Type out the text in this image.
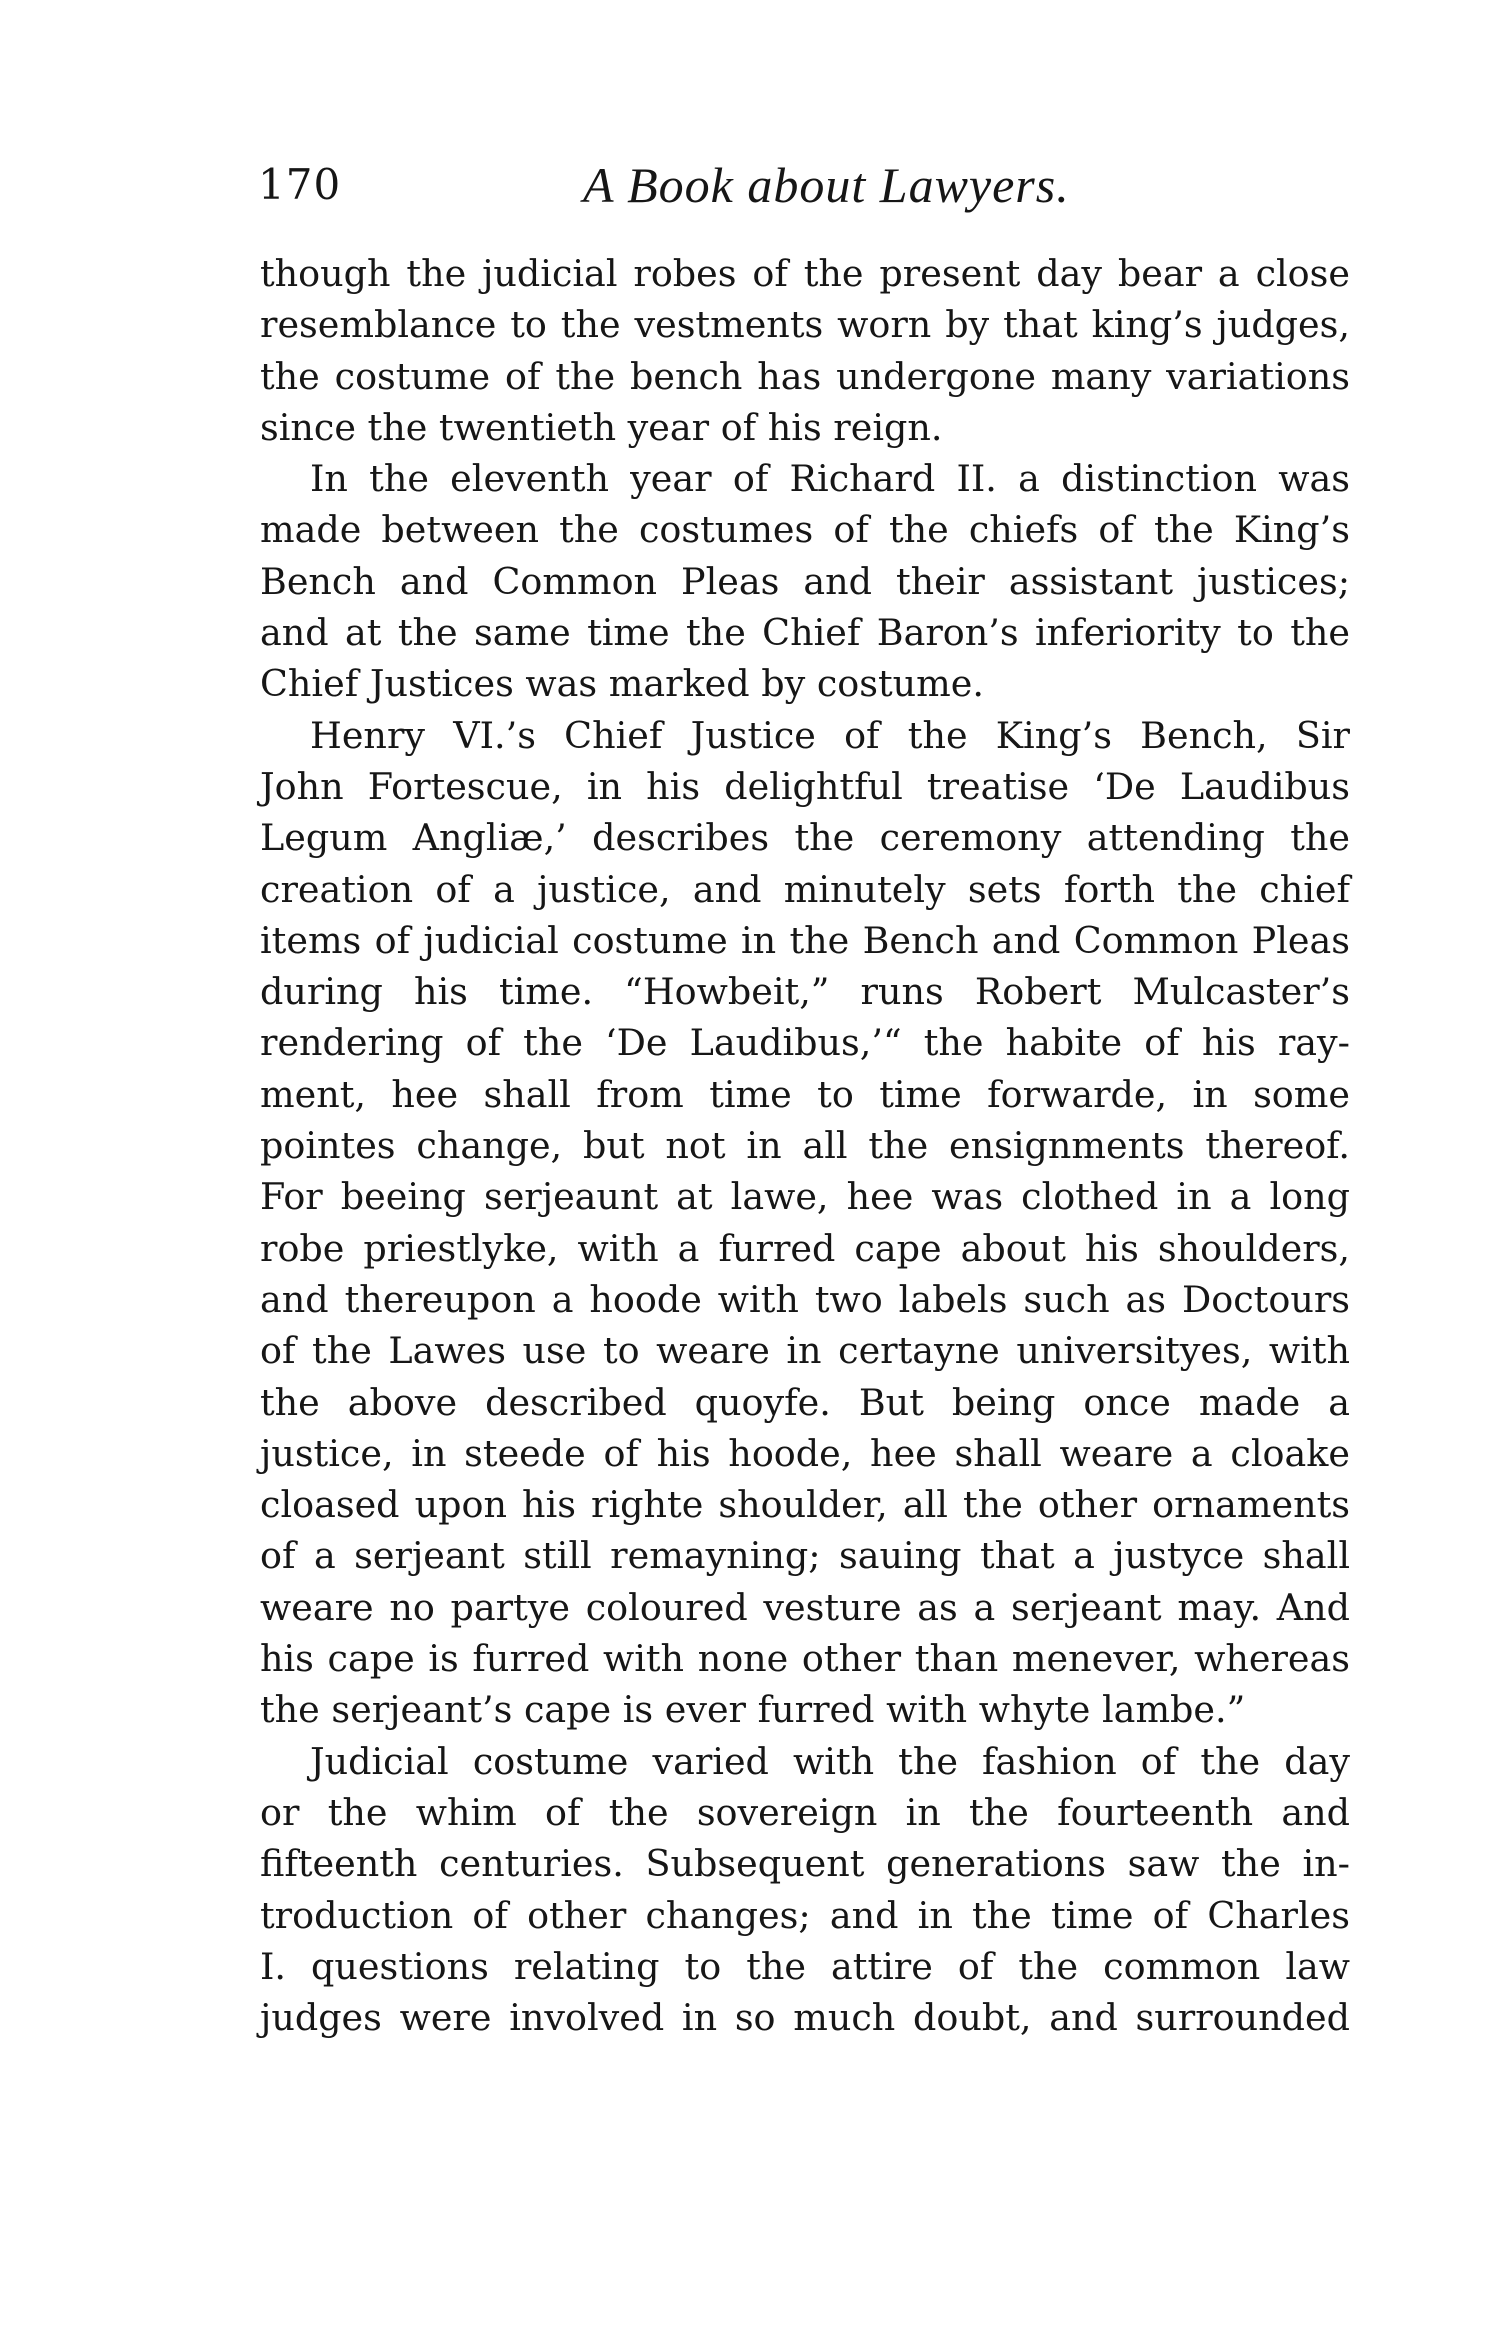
170	A Book about Lawyers.
though the judicial robes of the present day bear a close
resemblance to the vestments worn by that king’s judges,
the costume of the bench has undergone many variations
since the twentieth year of his reign.
In the eleventh year of Richard II. a distinction was
made between the costumes of the chiefs of the King’s
Bench and Common Pleas and their assistant justices;
and at the same time the Chief Baron’s inferiority to the
Chief Justices was marked by costume.
Henry VI.’s Chief Justice of the King’s Bench, Sir
John Fortescue, in his delightful treatise ‘De Laudibus
Legum Angliæ,’ describes the ceremony attending the
creation of a justice, and minutely sets forth the chief
items of judicial costume in the Bench and Common Pleas
during his time. “Howbeit,” runs Robert Mulcaster’s
rendering of the ‘De Laudibus,’“ the habite of his ray-
ment, hee shall from time to time forwarde, in some
pointes change, but not in all the ensignments thereof.
For beeing serjeaunt at lawe, hee was clothed in a long
robe priestlyke, with a furred cape about his shoulders,
and thereupon a hoode with two labels such as Doctours
of the Lawes use to weare in certayne universityes, with
the above described quoyfe. But being once made a
justice, in steede of his hoode, hee shall weare a cloake
cloased upon his righte shoulder, all the other ornaments
of a serjeant still remayning; sauing that a justyce shall
weare no partye coloured vesture as a serjeant may. And
his cape is furred with none other than menever, whereas
the serjeant’s cape is ever furred with whyte lambe.”
Judicial costume varied with the fashion of the day
or the whim of the sovereign in the fourteenth and
fifteenth centuries. Subsequent generations saw the in-
troduction of other changes; and in the time of Charles
I. questions relating to the attire of the common law
judges were involved in so much doubt, and surrounded
